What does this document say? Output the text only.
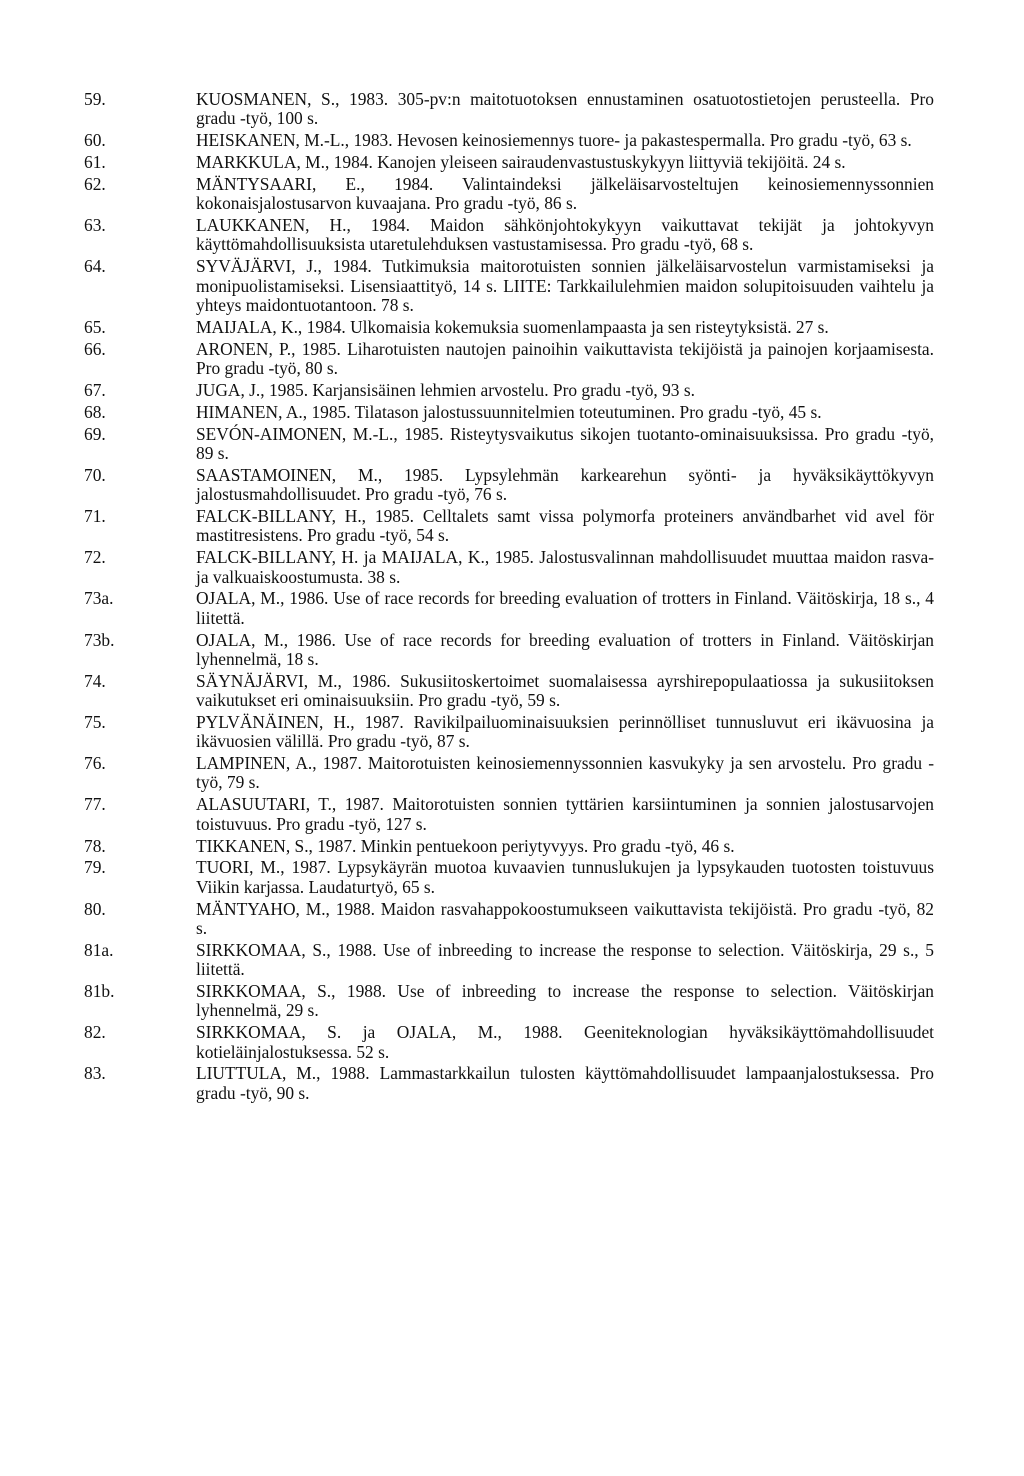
59.	KUOSMANEN, S., 1983. 305-pv:n maitotuotoksen ennustaminen osatuotostietojen perusteella. Pro gradu -työ, 100 s.
60.	HEISKANEN, M.-L., 1983. Hevosen keinosiemennys tuore- ja pakastespermalla. Pro gradu -työ, 63 s.
61.	MARKKULA, M., 1984. Kanojen yleiseen sairaudenvastustuskykyyn liittyviä tekijöitä. 24 s.
62.	MÄNTYSAARI, E., 1984. Valintaindeksi jälkeläisarvosteltujen keinosiemennyssonnien kokonaisjalostusarvon kuvaajana. Pro gradu -työ, 86 s.
63.	LAUKKANEN, H., 1984. Maidon sähkönjohtokykyyn vaikuttavat tekijät ja johtokyvyn käyttömahdollisuuksista utaretulehduksen vastustamisessa. Pro gradu -työ, 68 s.
64.	SYVÄJÄRVI, J., 1984. Tutkimuksia maitorotuisten sonnien jälkeläisarvostelun varmistamiseksi ja monipuolistamiseksi. Lisensiaattityö, 14 s. LIITE: Tarkkailulehmien maidon solupitoisuuden vaihtelu ja yhteys maidontuotantoon. 78 s.
65.	MAIJALA, K., 1984. Ulkomaisia kokemuksia suomenlampaasta ja sen risteytyksistä. 27 s.
66.	ARONEN, P., 1985. Liharotuisten nautojen painoihin vaikuttavista tekijöistä ja painojen korjaamisesta. Pro gradu -työ, 80 s.
67.	JUGA, J., 1985. Karjansisäinen lehmien arvostelu. Pro gradu -työ, 93 s.
68.	HIMANEN, A., 1985. Tilatason jalostussuunnitelmien toteutuminen. Pro gradu -työ, 45 s.
69.	SEVÓN-AIMONEN, M.-L., 1985. Risteytysvaikutus sikojen tuotanto-ominaisuuksissa. Pro gradu -työ, 89 s.
70.	SAASTAMOINEN, M., 1985. Lypsylehmän karkearehun syönti- ja hyväksikäyttökyvyn jalostusmahdollisuudet. Pro gradu -työ, 76 s.
71.	FALCK-BILLANY, H., 1985. Celltalets samt vissa polymorfa proteiners användbarhet vid avel för mastitresistens. Pro gradu -työ, 54 s.
72.	FALCK-BILLANY, H. ja MAIJALA, K., 1985. Jalostusvalinnan mahdollisuudet muuttaa maidon rasva- ja valkuaiskoostumusta. 38 s.
73a.	OJALA, M., 1986. Use of race records for breeding evaluation of trotters in Finland. Väitöskirja, 18 s., 4 liitettä.
73b.	OJALA, M., 1986. Use of race records for breeding evaluation of trotters in Finland. Väitöskirjan lyhennelmä, 18 s.
74.	SÄYNÄJÄRVI, M., 1986. Sukusiitoskertoimet suomalaisessa ayrshirepopulaatiossa ja sukusiitoksen vaikutukset eri ominaisuuksiin. Pro gradu -työ, 59 s.
75.	PYLVÄNÄINEN, H., 1987. Ravikilpailuominaisuuksien perinnölliset tunnusluvut eri ikävuosina ja ikävuosien välillä. Pro gradu -työ, 87 s.
76.	LAMPINEN, A., 1987. Maitorotuisten keinosiemennyssonnien kasvukyky ja sen arvostelu. Pro gradu -työ, 79 s.
77.	ALASUUTARI, T., 1987. Maitorotuisten sonnien tyttärien karsiintuminen ja sonnien jalostusarvojen toistuvuus. Pro gradu -työ, 127 s.
78.	TIKKANEN, S., 1987. Minkin pentuekoon periytyvyys. Pro gradu -työ, 46 s.
79.	TUORI, M., 1987. Lypsykäyrän muotoa kuvaavien tunnuslukujen ja lypsykauden tuotosten toistuvuus Viikin karjassa. Laudaturtyö, 65 s.
80.	MÄNTYAHO, M., 1988. Maidon rasvahappokoostumukseen vaikuttavista tekijöistä. Pro gradu -työ, 82 s.
81a.	SIRKKOMAA, S., 1988. Use of inbreeding to increase the response to selection. Väitöskirja, 29 s., 5 liitettä.
81b.	SIRKKOMAA, S., 1988. Use of inbreeding to increase the response to selection. Väitöskirjan lyhennelmä, 29 s.
82.	SIRKKOMAA, S. ja OJALA, M., 1988. Geeniteknologian hyväksikäyttömahdollisuudet kotieläinjalostuksessa. 52 s.
83.	LIUTTULA, M., 1988. Lammastarkkailun tulosten käyttömahdollisuudet lampaanjalostuksessa. Pro gradu -työ, 90 s.
